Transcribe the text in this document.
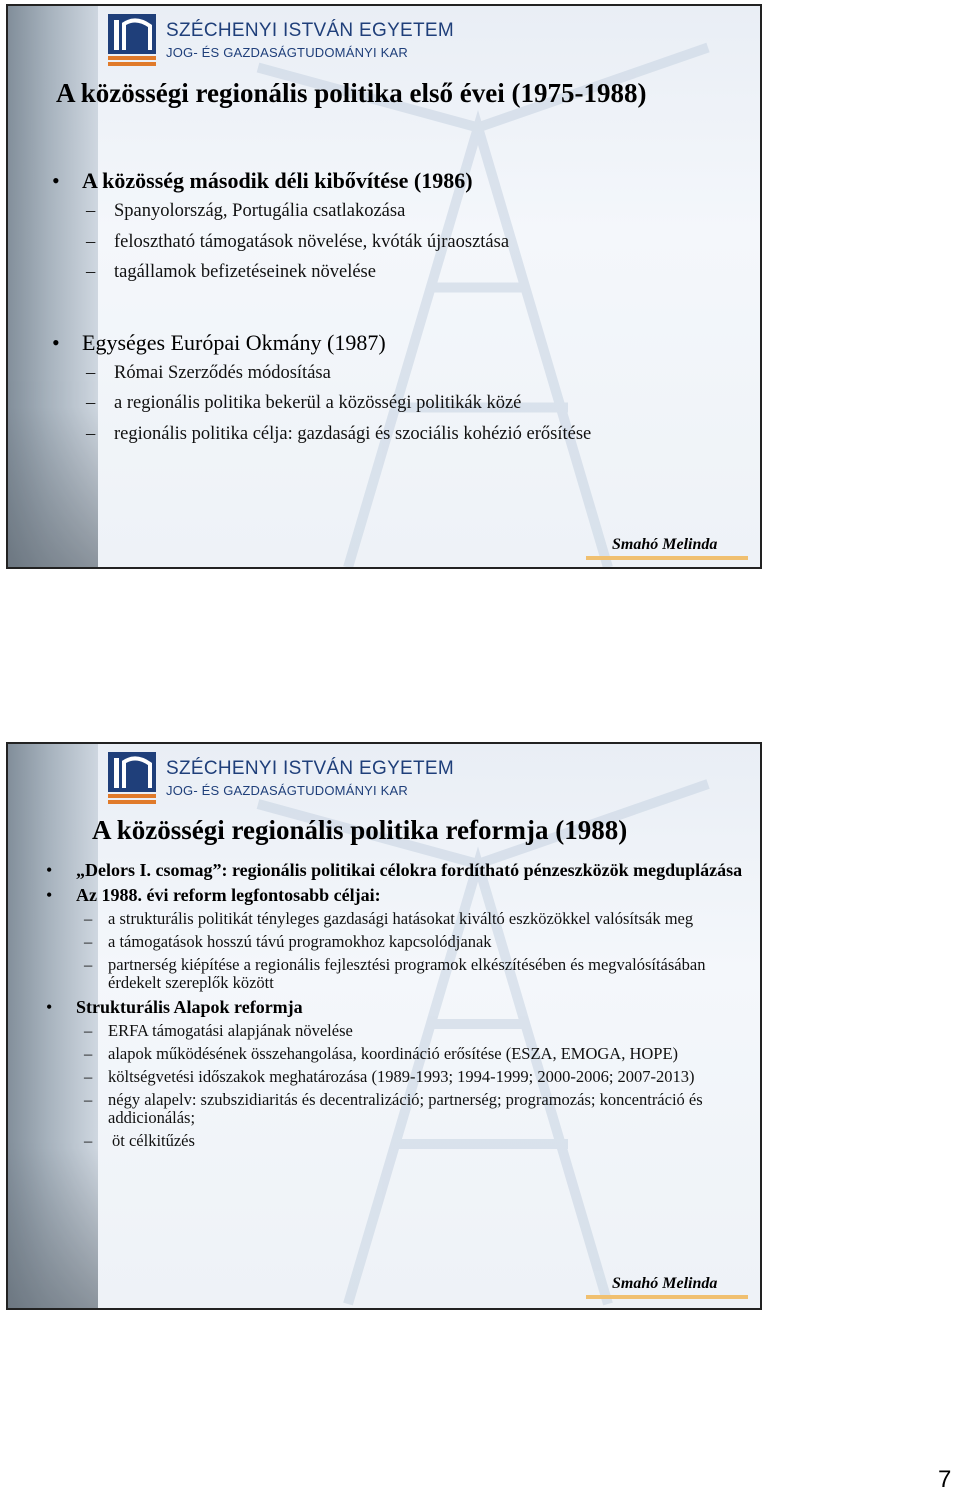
SZÉCHENYI ISTVÁN EGYETEM
JOG- ÉS GAZDASÁGTUDOMÁNYI KAR
A közösségi regionális politika első évei (1975-1988)
• A közösség második déli kibővítése (1986)
– Spanyolország, Portugália csatlakozása
– felosztható támogatások növelése, kvóták újraosztása
– tagállamok befizetéseinek növelése
• Egységes Európai Okmány (1987)
– Római Szerződés módosítása
– a regionális politika bekerül a közösségi politikák közé
– regionális politika célja: gazdasági és szociális kohézió erősítése
Smahó Melinda
SZÉCHENYI ISTVÁN EGYETEM
JOG- ÉS GAZDASÁGTUDOMÁNYI KAR
A közösségi regionális politika reformja (1988)
• „Delors I. csomag”: regionális politikai célokra fordítható pénzeszközök megduplázása
• Az 1988. évi reform legfontosabb céljai:
– a strukturális politikát tényleges gazdasági hatásokat kiváltó eszközökkel valósítsák meg
– a támogatások hosszú távú programokhoz kapcsolódjanak
– partnerség kiépítése a regionális fejlesztési programok elkészítésében és megvalósításában érdekelt szereplők között
• Strukturális Alapok reformja
– ERFA támogatási alapjának növelése
– alapok működésének összehangolása, koordináció erősítése (ESZA, EMOGA, HOPE)
– költségvetési időszakok meghatározása (1989-1993; 1994-1999; 2000-2006; 2007-2013)
– négy alapelv: szubszidiaritás és decentralizáció; partnerség; programozás; koncentráció és addicionálás;
– öt célkitűzés
Smahó Melinda
7
